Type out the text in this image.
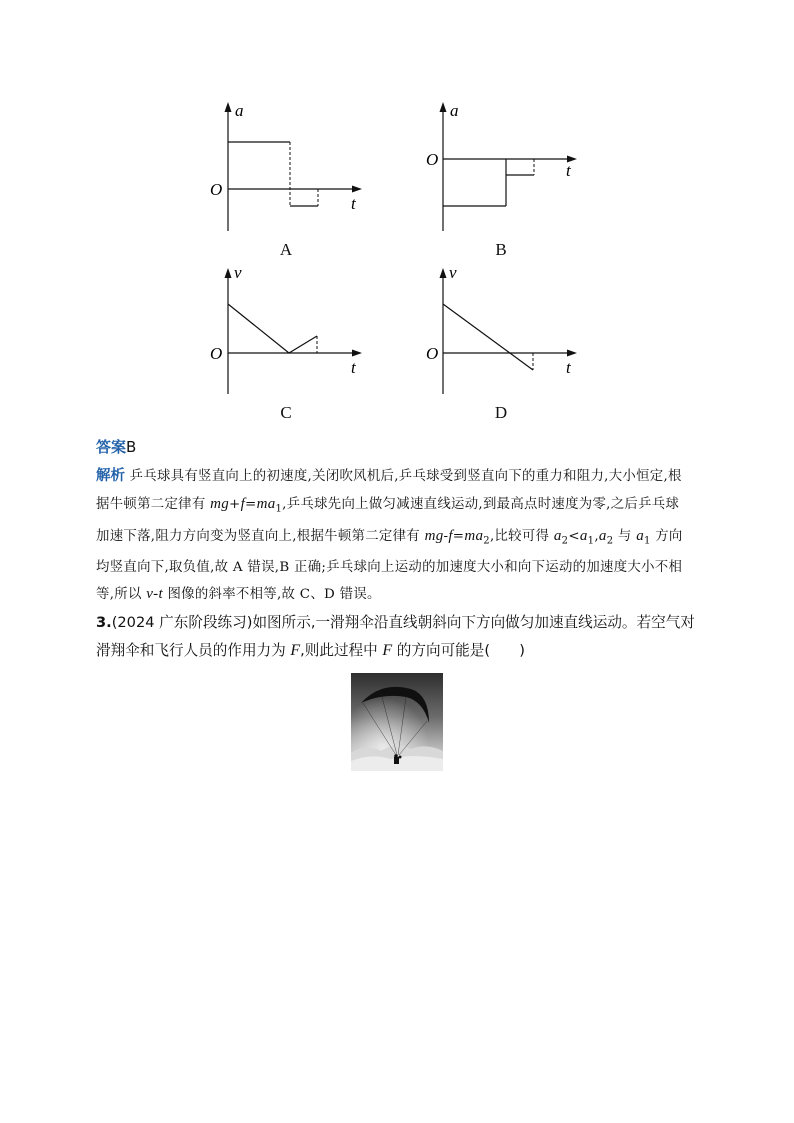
a
t
O
A
a
t
O
B
v
t
O
C
v
t
O
D
答案B
解析 乒乓球具有竖直向上的初速度,关闭吹风机后,乒乓球受到竖直向下的重力和阻力,大小恒定,根据牛顿第二定律有 $mg+f=ma_1$,乒乓球先向上做匀减速直线运动,到最高点时速度为零,之后乒乓球加速下落,阻力方向变为竖直向上,根据牛顿第二定律有 $mg-f=ma_2$,比较可得 $a_2<a_1,a_2$ 与 $a_1$ 方向均竖直向下,取负值,故 A 错误,B 正确;乒乓球向上运动的加速度大小和向下运动的加速度大小不相等,所以 v-t 图像的斜率不相等,故 C、D 错误。
3.(2024 广东阶段练习)如图所示,一滑翔伞沿直线朝斜向下方向做匀加速直线运动。若空气对滑翔伞和飞行人员的作用力为 F,则此过程中 F 的方向可能是(　　)
